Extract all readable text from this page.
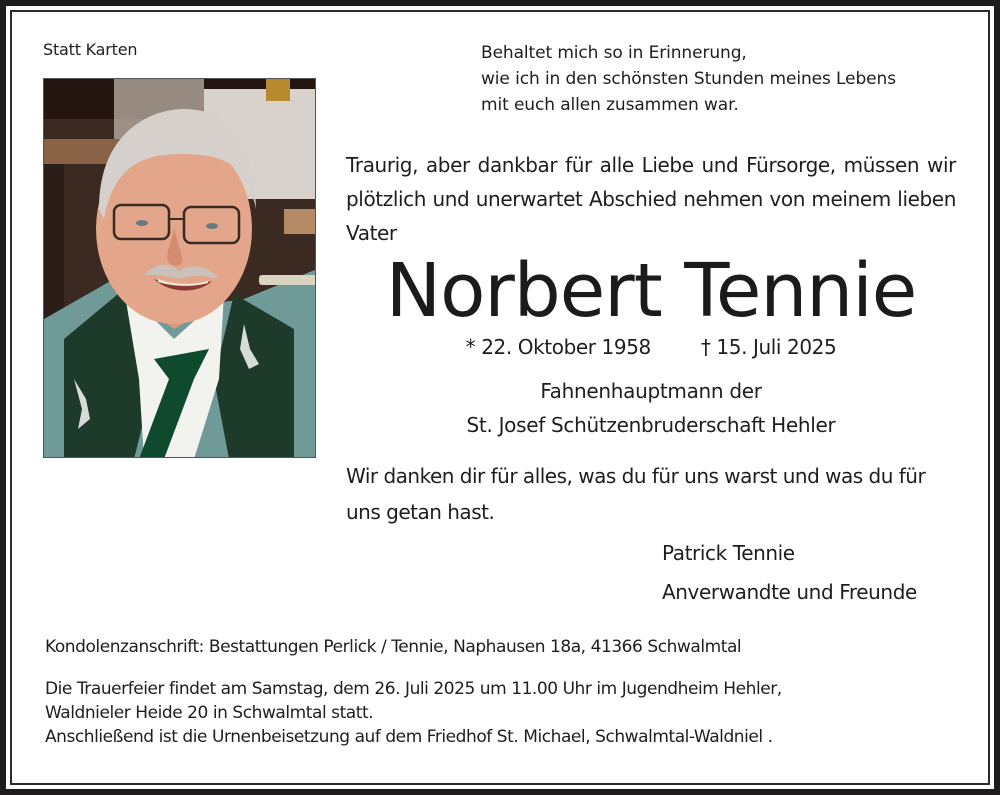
Statt Karten	Behaltet mich so in Erinnerung,
wie ich in den schönsten Stunden meines Lebens
mit euch allen zusammen war.
Traurig, aber dankbar für alle Liebe und Fürsorge, müssen wir plötzlich und unerwartet Abschied nehmen von meinem lieben Vater
Norbert Tennie
* 22. Oktober 1958	† 15. Juli 2025
Fahnenhauptmann der
St. Josef Schützenbruderschaft Hehler
Wir danken dir für alles, was du für uns warst und was du für uns getan hast.
Patrick Tennie
Anverwandte und Freunde
Kondolenzanschrift: Bestattungen Perlick / Tennie, Naphausen 18a, 41366 Schwalmtal
Die Trauerfeier findet am Samstag, dem 26. Juli 2025 um 11.00 Uhr im Jugendheim Hehler,
Waldnieler Heide 20 in Schwalmtal statt.
Anschließend ist die Urnenbeisetzung auf dem Friedhof St. Michael, Schwalmtal-Waldniel .
